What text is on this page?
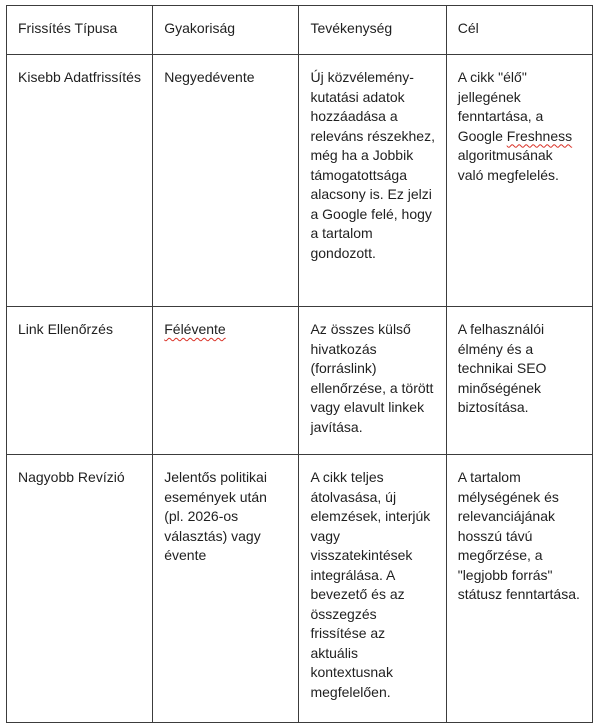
Frissítés Típusa	Gyakoriság	Tevékenység	Cél
Kisebb Adatfrissítés	Negyedévente	Új közvélemény-kutatási adatok hozzáadása a releváns részekhez, még ha a Jobbik támogatottsága alacsony is. Ez jelzi a Google felé, hogy a tartalom gondozott.	A cikk "élő" jellegének fenntartása, a Google Freshness algoritmusának való megfelelés.
Link Ellenőrzés	Félévente	Az összes külső hivatkozás (forráslink) ellenőrzése, a törött vagy elavult linkek javítása.	A felhasználói élmény és a technikai SEO minőségének biztosítása.
Nagyobb Revízió	Jelentős politikai események után (pl. 2026-os választás) vagy évente	A cikk teljes átolvasása, új elemzések, interjúk vagy visszatekintések integrálása. A bevezető és az összegzés frissítése az aktuális kontextusnak megfelelően.	A tartalom mélységének és relevanciájának hosszú távú megőrzése, a "legjobb forrás" státusz fenntartása.
